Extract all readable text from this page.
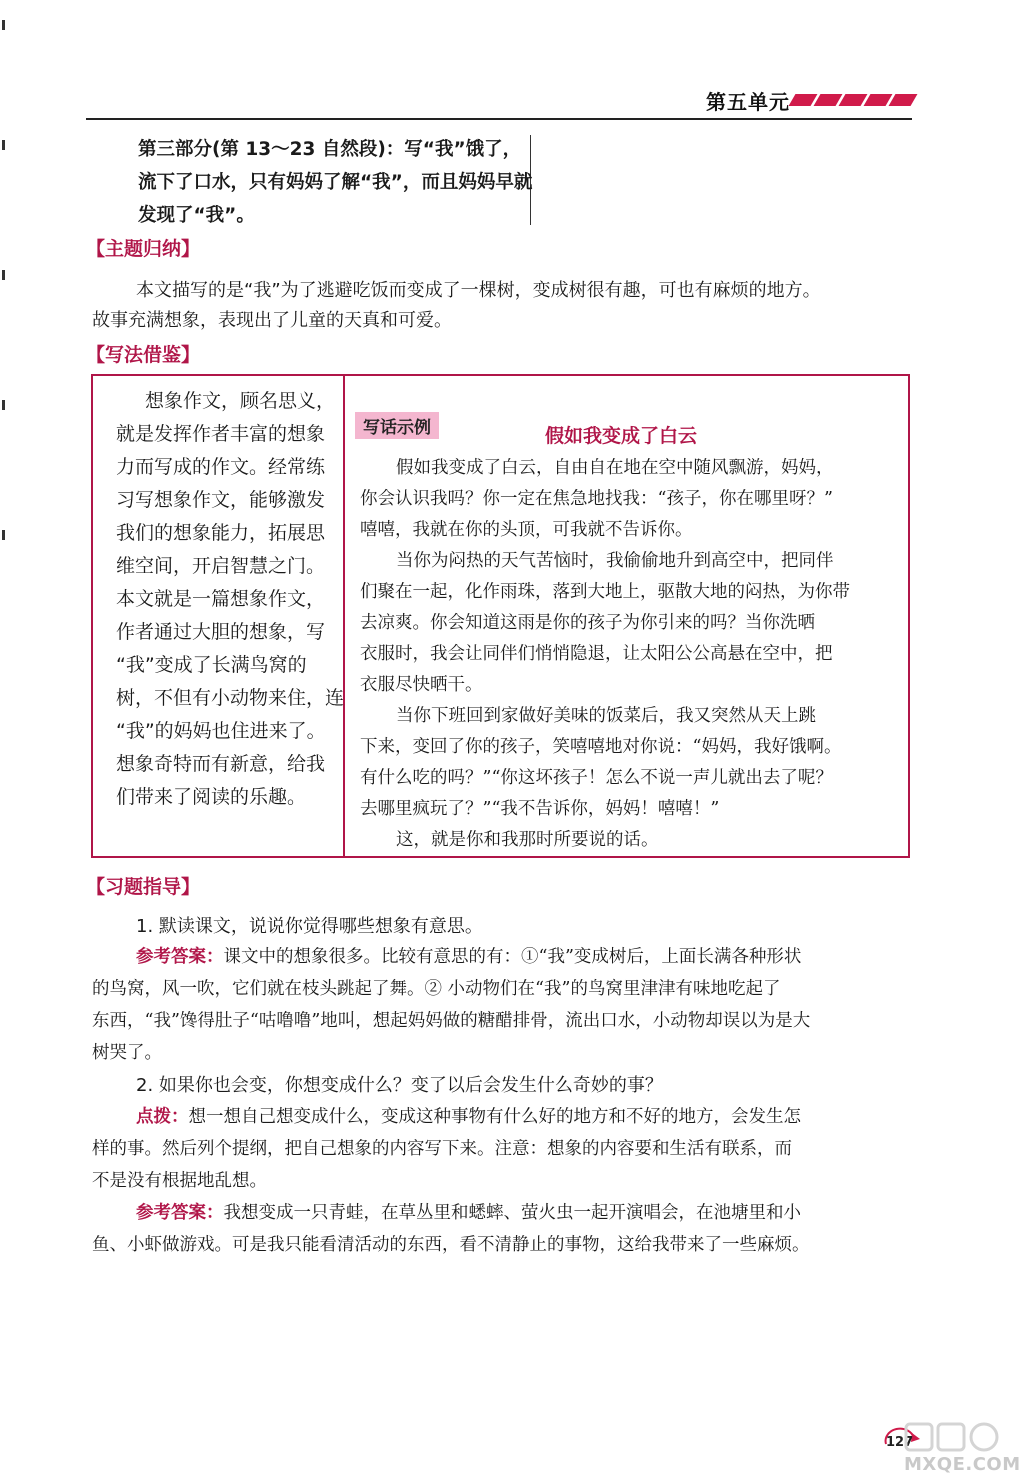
第五单元
第三部分(第 13～23 自然段)：写“我”饿了，
流下了口水，只有妈妈了解“我”，而且妈妈早就
发现了“我”。
【主题归纳】
本文描写的是“我”为了逃避吃饭而变成了一棵树，变成树很有趣，可也有麻烦的地方。
故事充满想象，表现出了儿童的天真和可爱。
【写法借鉴】
想象作文，顾名思义，
就是发挥作者丰富的想象
力而写成的作文。经常练
习写想象作文，能够激发
我们的想象能力，拓展思
维空间，开启智慧之门。
本文就是一篇想象作文，
作者通过大胆的想象，写
“我”变成了长满鸟窝的
树，不但有小动物来住，连
“我”的妈妈也住进来了。
想象奇特而有新意，给我
们带来了阅读的乐趣。
写话示例	假如我变成了白云
假如我变成了白云，自由自在地在空中随风飘游，妈妈，
你会认识我吗？你一定在焦急地找我：“孩子，你在哪里呀？”
嘻嘻，我就在你的头顶，可我就不告诉你。
当你为闷热的天气苦恼时，我偷偷地升到高空中，把同伴
们聚在一起，化作雨珠，落到大地上，驱散大地的闷热，为你带
去凉爽。你会知道这雨是你的孩子为你引来的吗？当你洗晒
衣服时，我会让同伴们悄悄隐退，让太阳公公高悬在空中，把
衣服尽快晒干。
当你下班回到家做好美味的饭菜后，我又突然从天上跳
下来，变回了你的孩子，笑嘻嘻地对你说：“妈妈，我好饿啊。
有什么吃的吗？”“你这坏孩子！怎么不说一声儿就出去了呢？
去哪里疯玩了？”“我不告诉你，妈妈！嘻嘻！”
这，就是你和我那时所要说的话。
【习题指导】
1. 默读课文，说说你觉得哪些想象有意思。
参考答案：课文中的想象很多。比较有意思的有：①“我”变成树后，上面长满各种形状
的鸟窝，风一吹，它们就在枝头跳起了舞。② 小动物们在“我”的鸟窝里津津有味地吃起了
东西，“我”馋得肚子“咕噜噜”地叫，想起妈妈做的糖醋排骨，流出口水，小动物却误以为是大
树哭了。
2. 如果你也会变，你想变成什么？变了以后会发生什么奇妙的事？
点拨：想一想自己想变成什么，变成这种事物有什么好的地方和不好的地方，会发生怎
样的事。然后列个提纲，把自己想象的内容写下来。注意：想象的内容要和生活有联系，而
不是没有根据地乱想。
参考答案：我想变成一只青蛙，在草丛里和蟋蟀、萤火虫一起开演唱会，在池塘里和小
鱼、小虾做游戏。可是我只能看清活动的东西，看不清静止的事物，这给我带来了一些麻烦。
127
MXQE.COM
